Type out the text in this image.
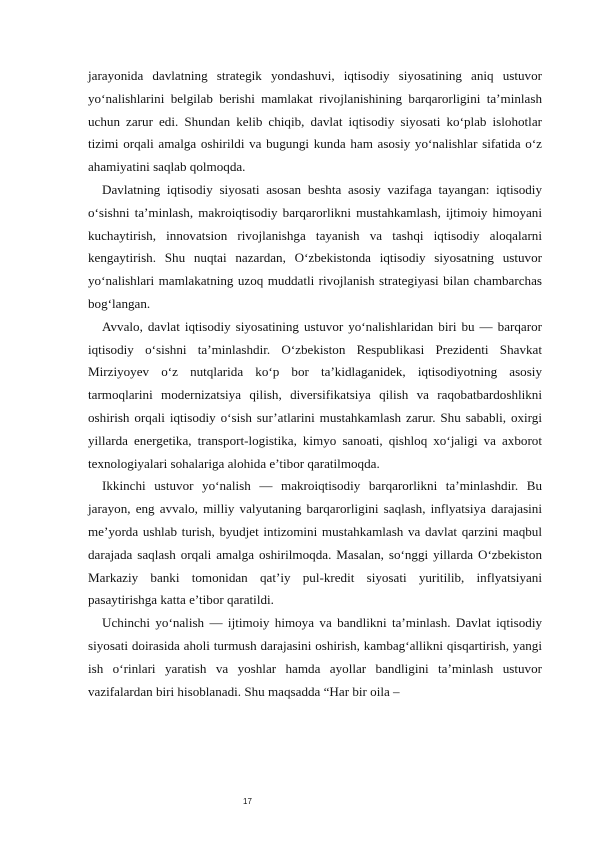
jarayonida davlatning strategik yondashuvi, iqtisodiy siyosatining aniq ustuvor yo‘nalishlarini belgilab berishi mamlakat rivojlanishining barqarorligini ta’minlash uchun zarur edi. Shundan kelib chiqib, davlat iqtisodiy siyosati ko‘plab islohotlar tizimi orqali amalga oshirildi va bugungi kunda ham asosiy yo‘nalishlar sifatida o‘z ahamiyatini saqlab qolmoqda.

Davlatning iqtisodiy siyosati asosan beshta asosiy vazifaga tayangan: iqtisodiy o‘sishni ta’minlash, makroiqtisodiy barqarorlikni mustahkamlash, ijtimoiy himoyani kuchaytirish, innovatsion rivojlanishga tayanish va tashqi iqtisodiy aloqalarni kengaytirish. Shu nuqtai nazardan, O‘zbekistonda iqtisodiy siyosatning ustuvor yo‘nalishlari mamlakatning uzoq muddatli rivojlanish strategiyasi bilan chambarchas bog‘langan.

Avvalo, davlat iqtisodiy siyosatining ustuvor yo‘nalishlaridan biri bu — barqaror iqtisodiy o‘sishni ta’minlashdir. O‘zbekiston Respublikasi Prezidenti Shavkat Mirziyoyev o‘z nutqlarida ko‘p bor ta’kidlaganidek, iqtisodiyotning asosiy tarmoqlarini modernizatsiya qilish, diversifikatsiya qilish va raqobatbardoshlikni oshirish orqali iqtisodiy o‘sish sur’atlarini mustahkamlash zarur. Shu sababli, oxirgi yillarda energetika, transport-logistika, kimyo sanoati, qishloq xo‘jaligi va axborot texnologiyalari sohalariga alohida e’tibor qaratilmoqda.

Ikkinchi ustuvor yo‘nalish — makroiqtisodiy barqarorlikni ta’minlashdir. Bu jarayon, eng avvalo, milliy valyutaning barqarorligini saqlash, inflyatsiya darajasini me’yorda ushlab turish, byudjet intizomini mustahkamlash va davlat qarzini maqbul darajada saqlash orqali amalga oshirilmoqda. Masalan, so‘nggi yillarda O‘zbekiston Markaziy banki tomonidan qat’iy pul-kredit siyosati yuritilib, inflyatsiyani pasaytirishga katta e’tibor qaratildi.

Uchinchi yo‘nalish — ijtimoiy himoya va bandlikni ta’minlash. Davlat iqtisodiy siyosati doirasida aholi turmush darajasini oshirish, kambag‘allikni qisqartirish, yangi ish o‘rinlari yaratish va yoshlar hamda ayollar bandligini ta’minlash ustuvor vazifalardan biri hisoblanadi. Shu maqsadda “Har bir oila –

17
